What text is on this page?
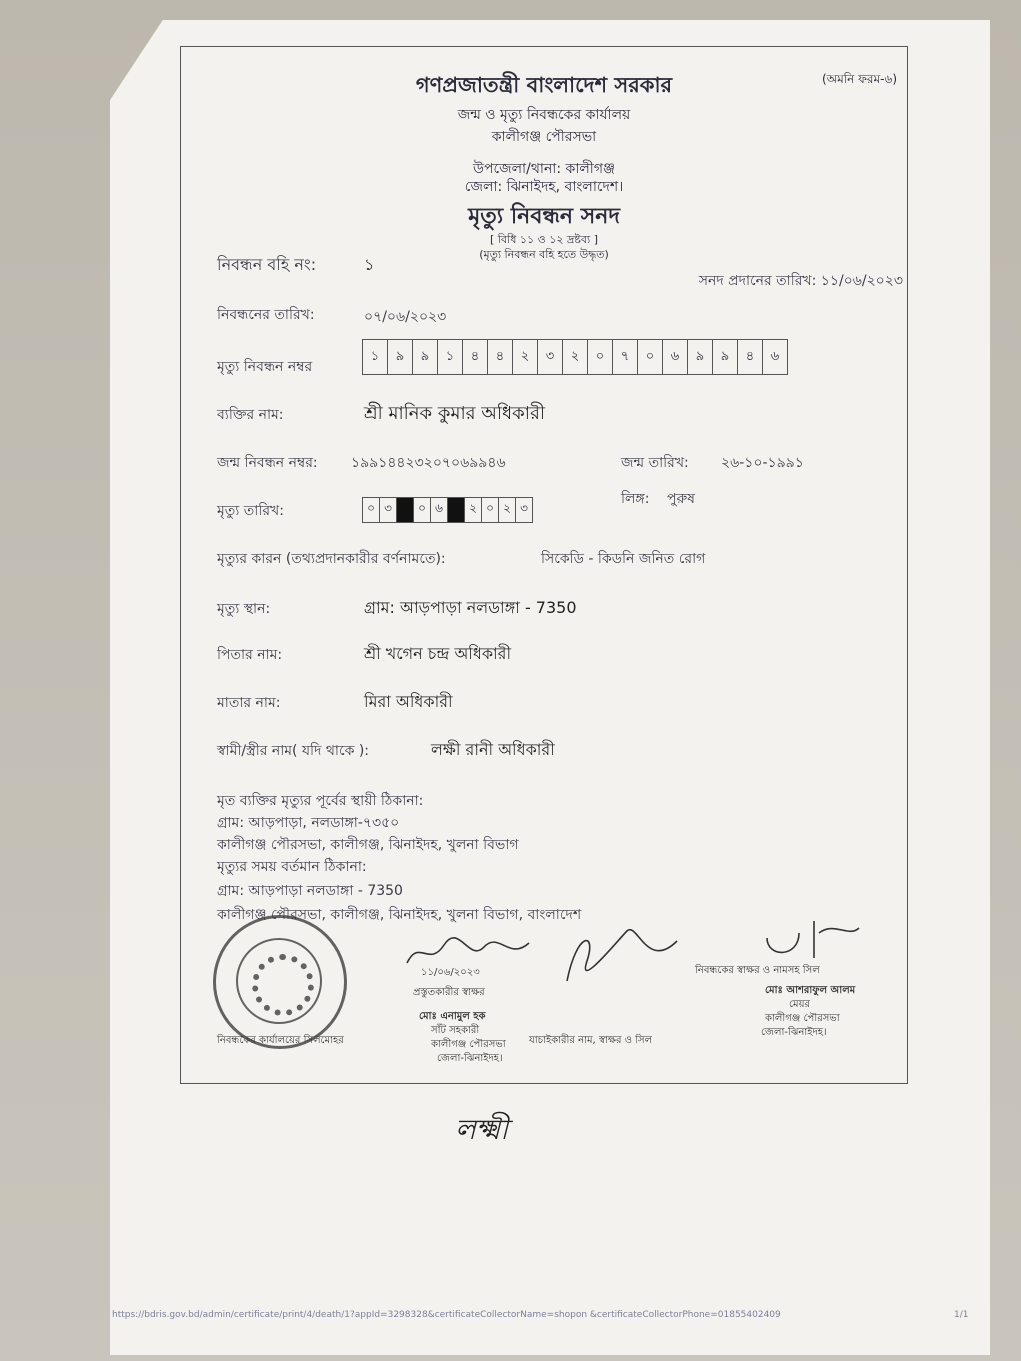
গণপ্রজাতন্ত্রী বাংলাদেশ সরকার	(অমনি ফরম-৬)
জন্ম ও মৃত্যু নিবন্ধকের কার্যালয়
কালীগঞ্জ পৌরসভা
উপজেলা/থানা: কালীগঞ্জ
জেলা: ঝিনাইদহ, বাংলাদেশ।
মৃত্যু নিবন্ধন সনদ
[ বিধি ১১ ও ১২ দ্রষ্টব্য ]
(মৃত্যু নিবন্ধন বহি হতে উদ্ধৃত)
নিবন্ধন বহি নং:	১
সনদ প্রদানের তারিখ: ১১/০৬/২০২৩
নিবন্ধনের তারিখ:	০৭/০৬/২০২৩
মৃত্যু নিবন্ধন নম্বর
১	৯	৯	১	৪	৪	২	৩	২	০	৭	০	৬	৯	৯	৪	৬
ব্যক্তির নাম:	শ্রী মানিক কুমার অধিকারী
জন্ম নিবন্ধন নম্বর: ১৯৯১৪৪২৩২০৭০৬৯৯৪৬	জন্ম তারিখ: ২৬-১০-১৯৯১
মৃত্যু তারিখ:	০ ৩	০ ৬	২ ০ ২ ৩
লিঙ্গ: পুরুষ
মৃত্যুর কারন (তথ্যপ্রদানকারীর বর্ণনামতে):	সিকেডি - কিডনি জনিত রোগ
মৃত্যু স্থান:	গ্রাম: আড়পাড়া নলডাঙ্গা - 7350
পিতার নাম:	শ্রী খগেন চন্দ্র অধিকারী
মাতার নাম:	মিরা অধিকারী
স্বামী/স্ত্রীর নাম( যদি থাকে ):	লক্ষী রানী অধিকারী
মৃত ব্যক্তির মৃত্যুর পূর্বের স্থায়ী ঠিকানা:
গ্রাম: আড়পাড়া, নলডাঙ্গা-৭৩৫০
কালীগঞ্জ পৌরসভা, কালীগঞ্জ, ঝিনাইদহ, খুলনা বিভাগ
মৃত্যুর সময় বর্তমান ঠিকানা:
গ্রাম: আড়পাড়া নলডাঙ্গা - 7350
কালীগঞ্জ পৌরসভা, কালীগঞ্জ, ঝিনাইদহ, খুলনা বিভাগ, বাংলাদেশ
নিবন্ধকের কার্যালয়ের সিলমোহর
১১/০৬/২০২৩
প্রস্তুতকারীর স্বাক্ষর
মোঃ এনামুল হক
সাঁট সহকারী
কালীগঞ্জ পৌরসভা
জেলা-ঝিনাইদহ।
যাচাইকারীর নাম, স্বাক্ষর ও সিল
নিবন্ধকের স্বাক্ষর ও নামসহ সিল
মোঃ আশরাফুল আলম
মেয়র
কালীগঞ্জ পৌরসভা
জেলা-ঝিনাইদহ।
লক্ষ্মী
https://bdris.gov.bd/admin/certificate/print/4/death/1?appId=3298328&certificateCollectorName=shopon &certificateCollectorPhone=01855402409	1/1
